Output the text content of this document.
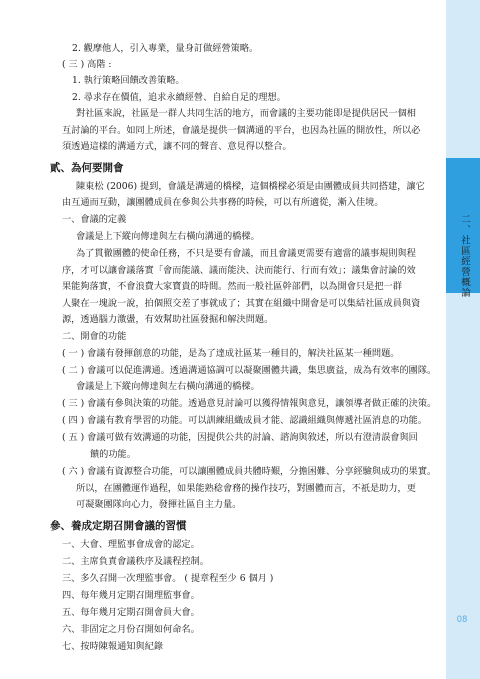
二、社區經營概論
08
2. 觀摩他人，引入專業，量身訂做經營策略。
( 三 ) 高階 :
1. 執行策略回饋改善策略。
2. 尋求存在價值，追求永續經營、自給自足的理想。
對社區來說，社區是一群人共同生活的地方，而會議的主要功能即是提供居民一個相
互討論的平台。如同上所述，會議是提供一個溝通的平台，也因為社區的開放性，所以必
須透過這樣的溝通方式，讓不同的聲音、意見得以整合。
貳、為何要開會
陳東松 (2006) 提到，會議是溝通的橋樑，這個橋樑必須是由團體成員共同搭建，讓它
由互通而互動，讓團體成員在參與公共事務的時候，可以有所適從，漸入佳境。
一、會議的定義
會議是上下縱向傳達與左右橫向溝通的橋樑。
為了貫徹團體的使命任務，不只是要有會議，而且會議更需要有適當的議事規則與程
序，才可以讓會議落實「會而能議、議而能決、決而能行、行而有效」；議集會討論的效
果能夠落實，不會浪費大家寶貴的時間。然而一般社區幹部們，以為開會只是把一群
人聚在一塊說一說，拍個照交差了事就成了；其實在組織中開會是可以集結社區成員與資
源，透過腦力激盪，有效幫助社區發掘和解決問題。
二、開會的功能
( 一 ) 會議有發揮創意的功能，是為了達成社區某一種目的，解決社區某一種問題。
( 二 ) 會議可以促進溝通。透過溝通協調可以凝聚團體共識，集思廣益，成為有效率的團隊。
會議是上下縱向傳達與左右橫向溝通的橋樑。
( 三 ) 會議有參與決策的功能。透過意見討論可以獲得情報與意見，讓領導者做正確的決策。
( 四 ) 會議有教育學習的功能。可以訓練組織成員才能、認識組織與傳遞社區消息的功能。
( 五 ) 會議可做有效溝通的功能，因提供公共的討論、諮詢與敘述，所以有澄清誤會與回
饋的功能。
( 六 ) 會議有資源整合功能，可以讓團體成員共體時艱，分擔困難、分享經驗與成功的果實。
所以，在團體運作過程，如果能熟稔會務的操作技巧，對團體而言，不祇是助力，更
可凝聚團隊向心力，發揮社區自主力量。
參、養成定期召開會議的習慣
一、大會、理監事會成會的認定。
二、主席負責會議秩序及議程控制。
三、多久召開一次理監事會。 ( 提章程至少 6 個月 )
四、每年幾月定期召開理監事會。
五、每年幾月定期召開會員大會。
六、非固定之月份召開如何命名。
七、按時陳報通知與紀錄
